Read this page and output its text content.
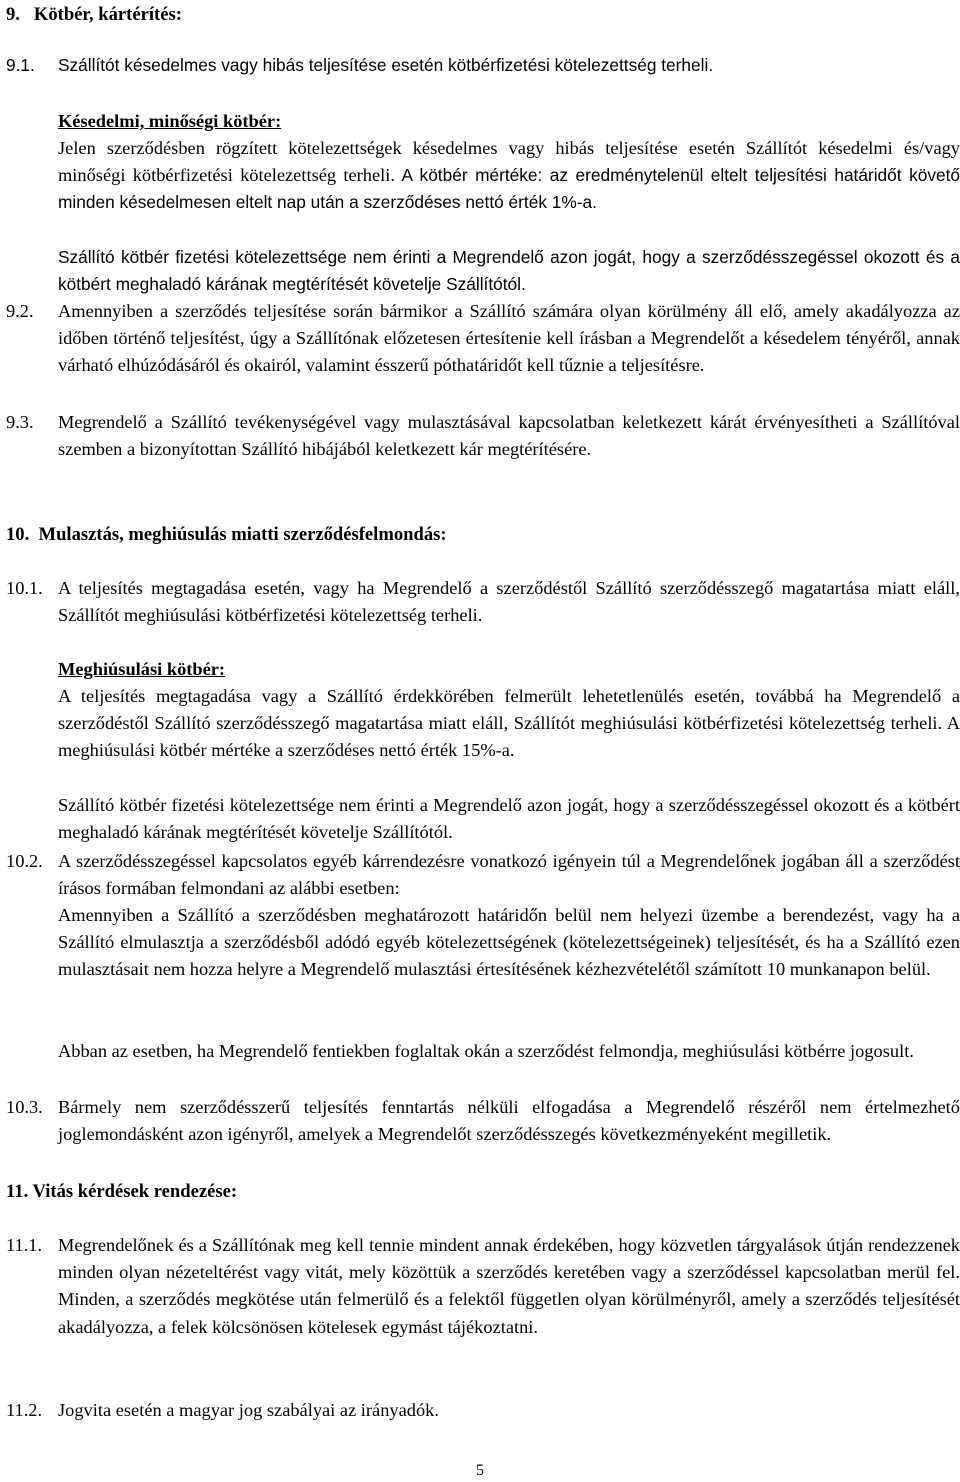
9.   Kötbér, kártérítés:
9.1. Szállítót késedelmes vagy hibás teljesítése esetén kötbérfizetési kötelezettség terheli.
Késedelmi, minőségi kötbér:
Jelen szerződésben rögzített kötelezettségek késedelmes vagy hibás teljesítése esetén Szállítót késedelmi és/vagy minőségi kötbérfizetési kötelezettség terheli. A kötbér mértéke: az eredménytelenül eltelt teljesítési határidőt követő minden késedelmesen eltelt nap után a szerződéses nettó érték 1%-a.
Szállító kötbér fizetési kötelezettsége nem érinti a Megrendelő azon jogát, hogy a szerződésszegéssel okozott és a kötbért meghaladó kárának megtérítését követelje Szállítótól.
9.2. Amennyiben a szerződés teljesítése során bármikor a Szállító számára olyan körülmény áll elő, amely akadályozza az időben történő teljesítést, úgy a Szállítónak előzetesen értesítenie kell írásban a Megrendelőt a késedelem tényéről, annak várható elhúzódásáról és okairól, valamint ésszerű póthatáridőt kell tűznie a teljesítésre.
9.3. Megrendelő a Szállító tevékenységével vagy mulasztásával kapcsolatban keletkezett kárát érvényesítheti a Szállítóval szemben a bizonyítottan Szállító hibájából keletkezett kár megtérítésére.
10.  Mulasztás, meghiúsulás miatti szerződésfelmondás:
10.1. A teljesítés megtagadása esetén, vagy ha Megrendelő a szerződéstől Szállító szerződésszegő magatartása miatt eláll, Szállítót meghiúsulási kötbérfizetési kötelezettség terheli.
Meghiúsulási kötbér:
A teljesítés megtagadása vagy a Szállító érdekkörében felmerült lehetetlenülés esetén, továbbá ha Megrendelő a szerződéstől Szállító szerződésszegő magatartása miatt eláll, Szállítót meghiúsulási kötbérfizetési kötelezettség terheli. A meghiúsulási kötbér mértéke a szerződéses nettó érték 15%-a.
Szállító kötbér fizetési kötelezettsége nem érinti a Megrendelő azon jogát, hogy a szerződésszegéssel okozott és a kötbért meghaladó kárának megtérítését követelje Szállítótól.
10.2. A szerződésszegéssel kapcsolatos egyéb kárrendezésre vonatkozó igényein túl a Megrendelőnek jogában áll a szerződést írásos formában felmondani az alábbi esetben:
Amennyiben a Szállító a szerződésben meghatározott határidőn belül nem helyezi üzembe a berendezést, vagy ha a Szállító elmulasztja a szerződésből adódó egyéb kötelezettségének (kötelezettségeinek) teljesítését, és ha a Szállító ezen mulasztásait nem hozza helyre a Megrendelő mulasztási értesítésének kézhezvételétől számított 10 munkanapon belül.
Abban az esetben, ha Megrendelő fentiekben foglaltak okán a szerződést felmondja, meghiúsulási kötbérre jogosult.
10.3. Bármely nem szerződésszerű teljesítés fenntartás nélküli elfogadása a Megrendelő részéről nem értelmezhető joglemondásként azon igényről, amelyek a Megrendelőt szerződésszegés következményeként megilletik.
11. Vitás kérdések rendezése:
11.1. Megrendelőnek és a Szállítónak meg kell tennie mindent annak érdekében, hogy közvetlen tárgyalások útján rendezzenek minden olyan nézeteltérést vagy vitát, mely közöttük a szerződés keretében vagy a szerződéssel kapcsolatban merül fel. Minden, a szerződés megkötése után felmerülő és a felektől független olyan körülményről, amely a szerződés teljesítését akadályozza, a felek kölcsönösen kötelesek egymást tájékoztatni.
11.2. Jogvita esetén a magyar jog szabályai az irányadók.
5
